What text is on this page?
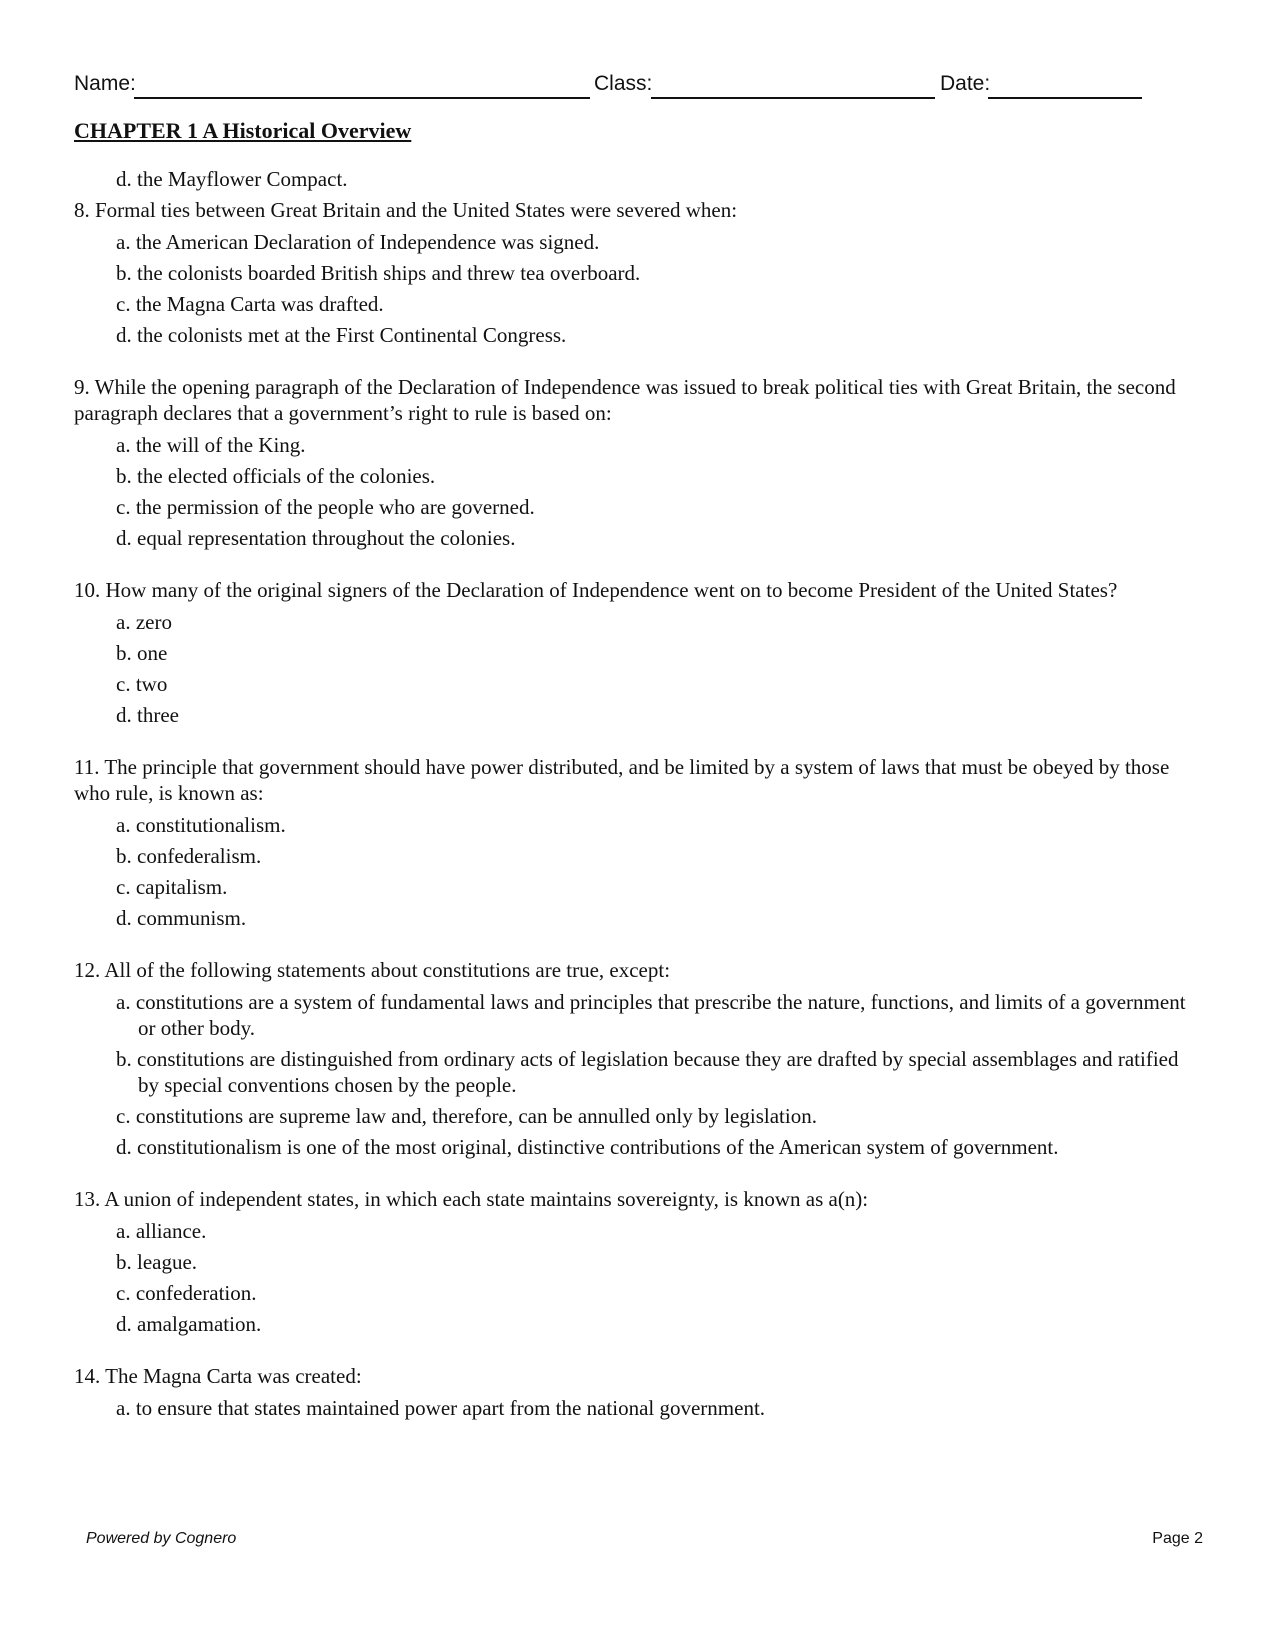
Name:	Class:	Date:
CHAPTER 1 A Historical Overview
d. the Mayflower Compact.

8. Formal ties between Great Britain and the United States were severed when:

a. the American Declaration of Independence was signed.
b. the colonists boarded British ships and threw tea overboard.
c. the Magna Carta was drafted.
d. the colonists met at the First Continental Congress.

9. While the opening paragraph of the Declaration of Independence was issued to break political ties with Great Britain, the second paragraph declares that a government’s right to rule is based on:

a. the will of the King.
b. the elected officials of the colonies.
c. the permission of the people who are governed.
d. equal representation throughout the colonies.

10. How many of the original signers of the Declaration of Independence went on to become President of the United States?

a. zero
b. one
c. two
d. three

11. The principle that government should have power distributed, and be limited by a system of laws that must be obeyed by those who rule, is known as:

a. constitutionalism.
b. confederalism.
c. capitalism.
d. communism.

12. All of the following statements about constitutions are true, except:

a. constitutions are a system of fundamental laws and principles that prescribe the nature, functions, and limits of a government or other body.
b. constitutions are distinguished from ordinary acts of legislation because they are drafted by special assemblages and ratified by special conventions chosen by the people.
c. constitutions are supreme law and, therefore, can be annulled only by legislation.
d. constitutionalism is one of the most original, distinctive contributions of the American system of government.

13. A union of independent states, in which each state maintains sovereignty, is known as a(n):

a. alliance.
b. league.
c. confederation.
d. amalgamation.

14. The Magna Carta was created:

a. to ensure that states maintained power apart from the national government.
Powered by Cognero	Page 2
